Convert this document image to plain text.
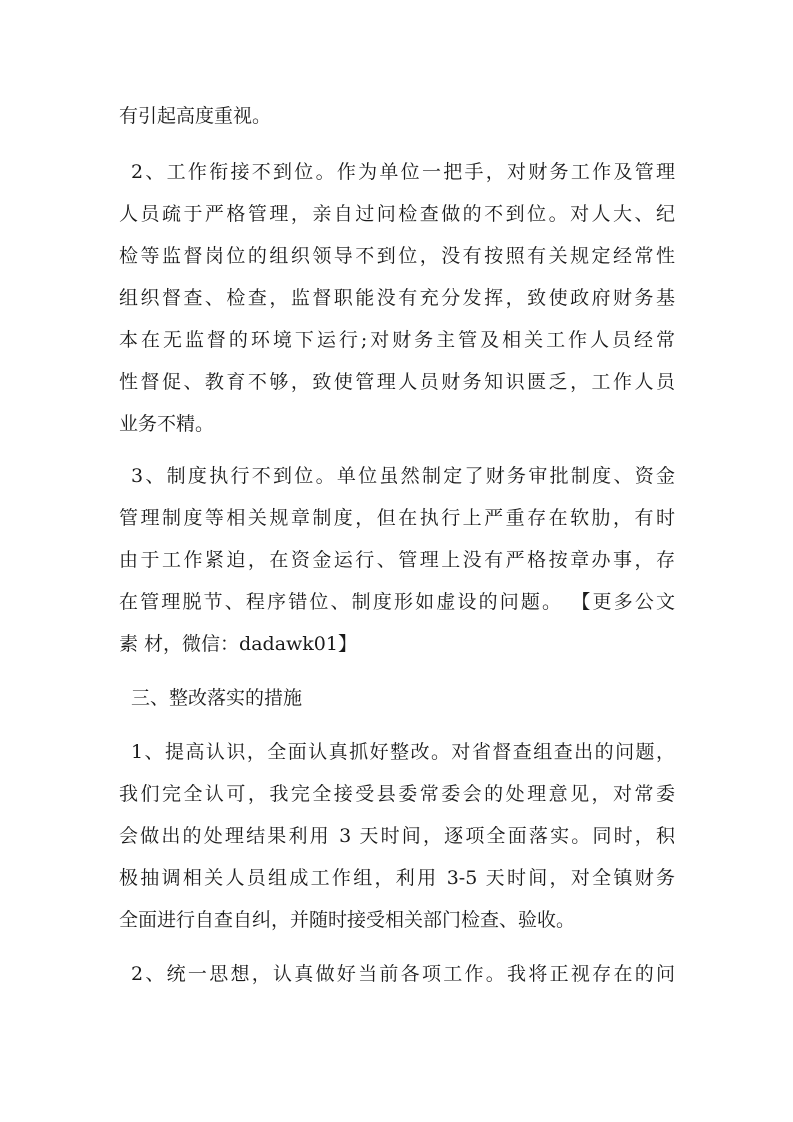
有引起高度重视。

2、工作衔接不到位。作为单位一把手，对财务工作及管理

人员疏于严格管理，亲自过问检查做的不到位。对人大、纪

检等监督岗位的组织领导不到位，没有按照有关规定经常性

组织督查、检查，监督职能没有充分发挥，致使政府财务基

本在无监督的环境下运行;对财务主管及相关工作人员经常

性督促、教育不够，致使管理人员财务知识匮乏，工作人员

业务不精。

3、制度执行不到位。单位虽然制定了财务审批制度、资金

管理制度等相关规章制度，但在执行上严重存在软肋，有时

由于工作紧迫，在资金运行、管理上没有严格按章办事，存

在管理脱节、程序错位、制度形如虚设的问题。 【更多公文

素 材，微信：dadawk01】

三、整改落实的措施

1、提高认识，全面认真抓好整改。对省督查组查出的问题，

我们完全认可，我完全接受县委常委会的处理意见，对常委

会做出的处理结果利用 3 天时间，逐项全面落实。同时，积

极抽调相关人员组成工作组，利用 3-5 天时间，对全镇财务

全面进行自查自纠，并随时接受相关部门检查、验收。

2、统一思想，认真做好当前各项工作。我将正视存在的问
